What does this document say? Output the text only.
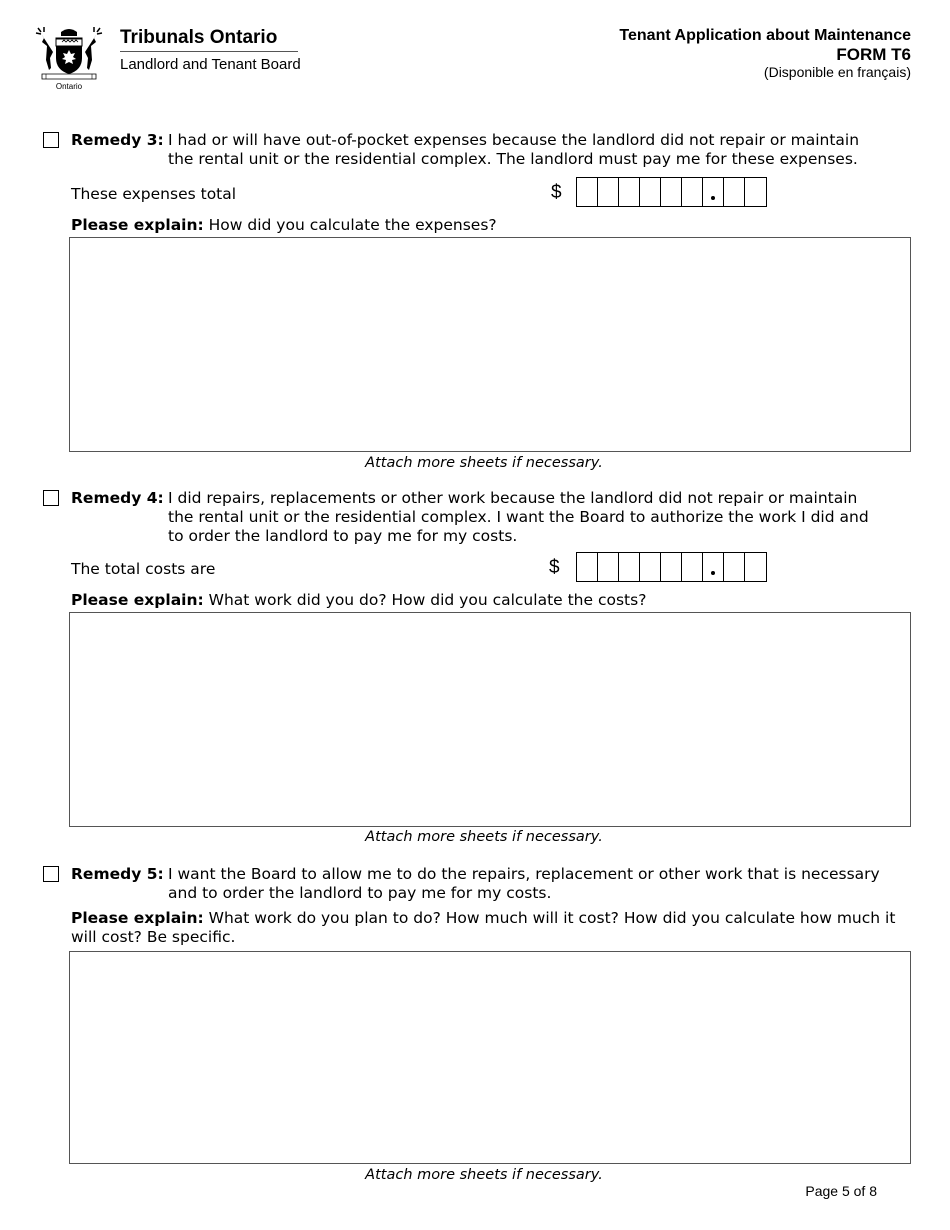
Ontario
Tribunals Ontario
Landlord and Tenant Board
Tenant Application about Maintenance
FORM T6
(Disponible en français)
Remedy 3: I had or will have out-of-pocket expenses because the landlord did not repair or maintain
the rental unit or the residential complex. The landlord must pay me for these expenses.
These expenses total	$
Please explain: How did you calculate the expenses?
Attach more sheets if necessary.
Remedy 4: I did repairs, replacements or other work because the landlord did not repair or maintain
the rental unit or the residential complex. I want the Board to authorize the work I did and
to order the landlord to pay me for my costs.
The total costs are	$
Please explain: What work did you do? How did you calculate the costs?
Attach more sheets if necessary.
Remedy 5: I want the Board to allow me to do the repairs, replacement or other work that is necessary
and to order the landlord to pay me for my costs.
Please explain: What work do you plan to do? How much will it cost? How did you calculate how much it
will cost? Be specific.
Attach more sheets if necessary.
Page 5 of 8
